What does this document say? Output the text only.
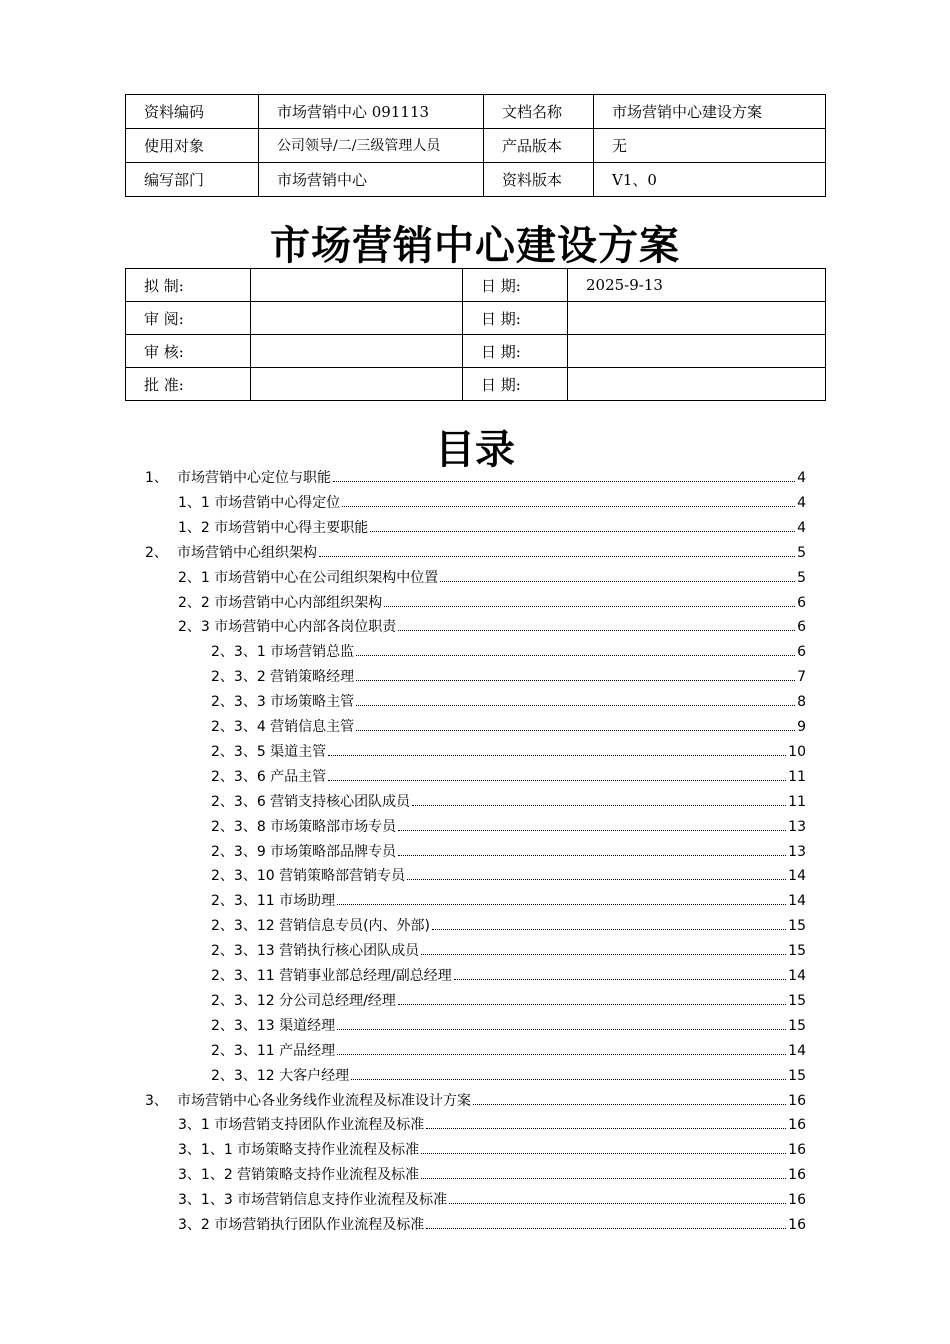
资料编码	市场营销中心 091113	文档名称	市场营销中心建设方案
使用对象	公司领导/二/三级管理人员	产品版本	无
编写部门	市场营销中心	资料版本	V1、0
市场营销中心建设方案
拟 制:		日 期:	2025-9-13
审 阅:		日 期:	
审 核:		日 期:	
批 准:		日 期:	
目录
1、 市场营销中心定位与职能	4
1、1 市场营销中心得定位	4
1、2 市场营销中心得主要职能	4
2、 市场营销中心组织架构	5
2、1 市场营销中心在公司组织架构中位置	5
2、2 市场营销中心内部组织架构	6
2、3 市场营销中心内部各岗位职责	6
2、3、1 市场营销总监	6
2、3、2 营销策略经理	7
2、3、3 市场策略主管	8
2、3、4 营销信息主管	9
2、3、5 渠道主管	10
2、3、6 产品主管	11
2、3、6 营销支持核心团队成员	11
2、3、8 市场策略部市场专员	13
2、3、9 市场策略部品牌专员	13
2、3、10 营销策略部营销专员	14
2、3、11 市场助理	14
2、3、12 营销信息专员(内、外部)	15
2、3、13 营销执行核心团队成员	15
2、3、11 营销事业部总经理/副总经理	14
2、3、12 分公司总经理/经理	15
2、3、13 渠道经理	15
2、3、11 产品经理	14
2、3、12 大客户经理	15
3、 市场营销中心各业务线作业流程及标准设计方案	16
3、1 市场营销支持团队作业流程及标准	16
3、1、1 市场策略支持作业流程及标准	16
3、1、2 营销策略支持作业流程及标准	16
3、1、3 市场营销信息支持作业流程及标准	16
3、2 市场营销执行团队作业流程及标准	16
